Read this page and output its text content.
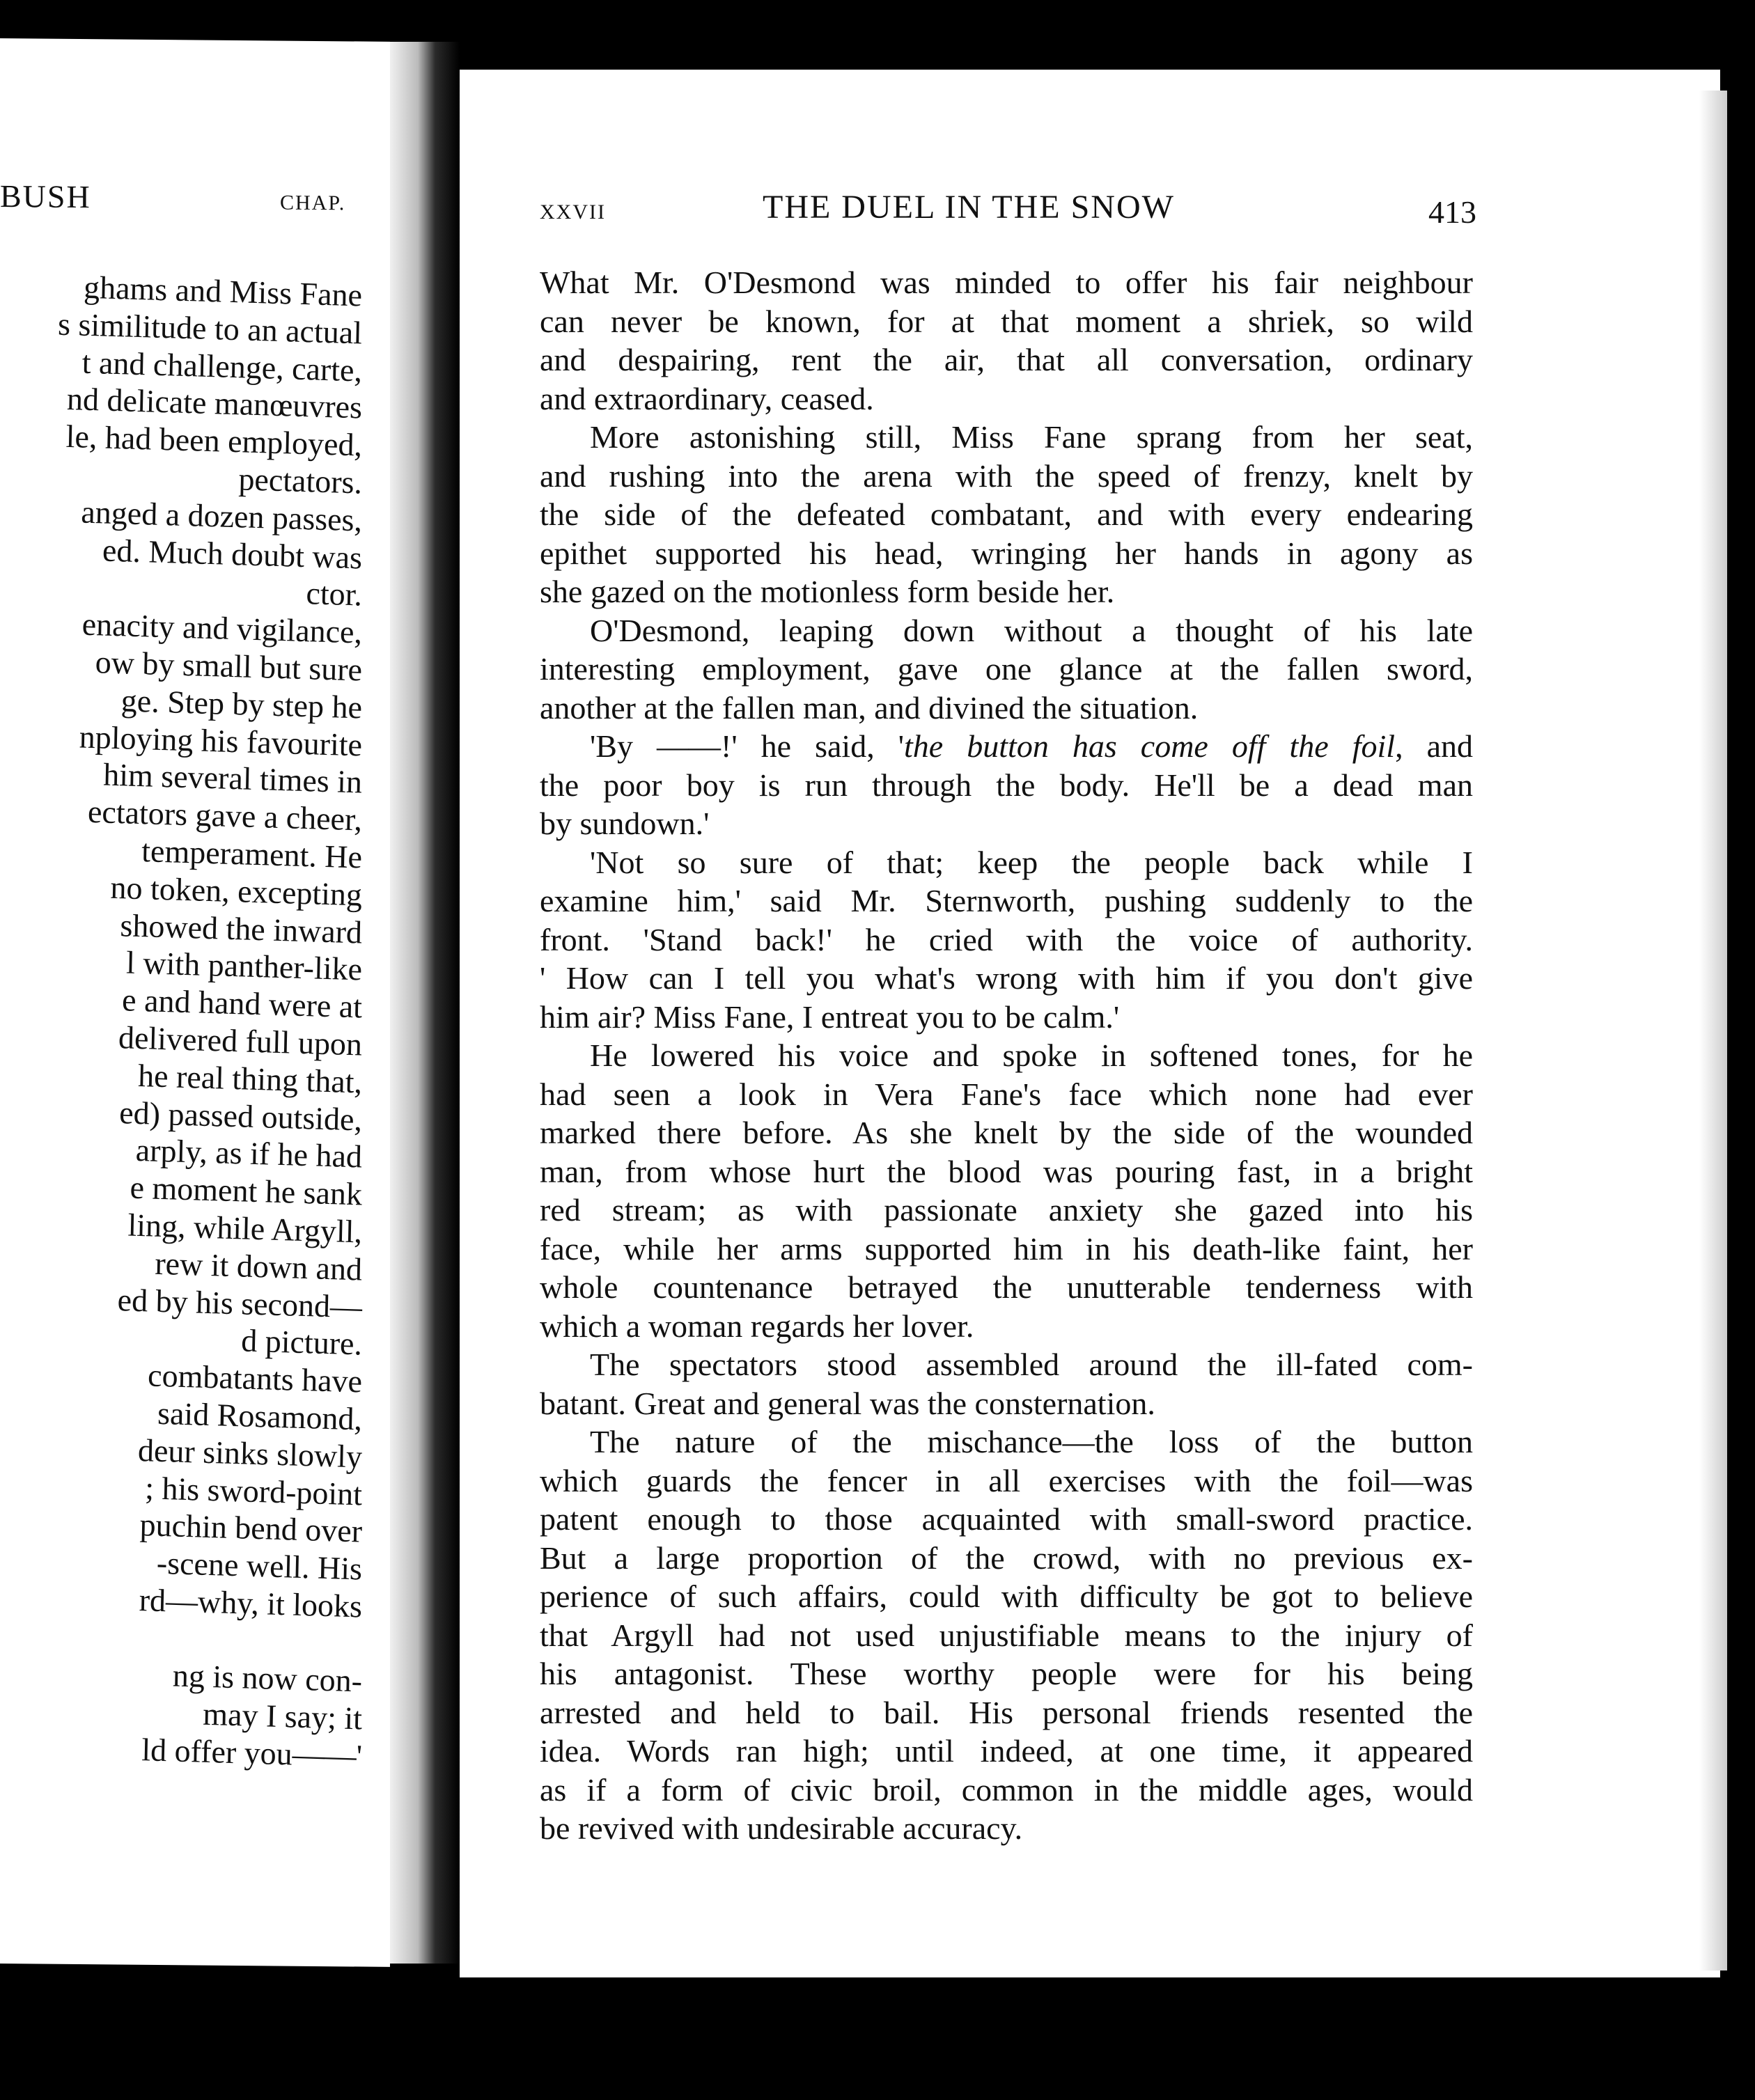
BUSH	CHAP.
ghams and Miss Fane
s similitude to an actual
t and challenge, carte,
nd delicate manœuvres
le, had been employed,
pectators.
anged a dozen passes,
ed. Much doubt was
ctor.
enacity and vigilance,
ow by small but sure
ge. Step by step he
nploying his favourite
him several times in
ectators gave a cheer,
temperament. He
no token, excepting
showed the inward
l with panther-like
e and hand were at
delivered full upon
he real thing that,
ed) passed outside,
arply, as if he had
e moment he sank
ling, while Argyll,
rew it down and
ed by his second—
d picture.
combatants have
said Rosamond,
deur sinks slowly
; his sword-point
puchin bend over
-scene well. His
rd—why, it looks

ng is now con-
may I say; it
ld offer you——'
XXVII	THE DUEL IN THE SNOW	413
What Mr. O'Desmond was minded to offer his fair neighbour
can never be known, for at that moment a shriek, so wild
and despairing, rent the air, that all conversation, ordinary
and extraordinary, ceased.
More astonishing still, Miss Fane sprang from her seat,
and rushing into the arena with the speed of frenzy, knelt by
the side of the defeated combatant, and with every endearing
epithet supported his head, wringing her hands in agony as
she gazed on the motionless form beside her.
O'Desmond, leaping down without a thought of his late
interesting employment, gave one glance at the fallen sword,
another at the fallen man, and divined the situation.
'By ——!' he said, 'the button has come off the foil, and
the poor boy is run through the body. He'll be a dead man
by sundown.'
'Not so sure of that; keep the people back while I
examine him,' said Mr. Sternworth, pushing suddenly to the
front. 'Stand back!' he cried with the voice of authority.
' How can I tell you what's wrong with him if you don't give
him air? Miss Fane, I entreat you to be calm.'
He lowered his voice and spoke in softened tones, for he
had seen a look in Vera Fane's face which none had ever
marked there before. As she knelt by the side of the wounded
man, from whose hurt the blood was pouring fast, in a bright
red stream; as with passionate anxiety she gazed into his
face, while her arms supported him in his death-like faint, her
whole countenance betrayed the unutterable tenderness with
which a woman regards her lover.
The spectators stood assembled around the ill-fated com-
batant. Great and general was the consternation.
The nature of the mischance—the loss of the button
which guards the fencer in all exercises with the foil—was
patent enough to those acquainted with small-sword practice.
But a large proportion of the crowd, with no previous ex-
perience of such affairs, could with difficulty be got to believe
that Argyll had not used unjustifiable means to the injury of
his antagonist. These worthy people were for his being
arrested and held to bail. His personal friends resented the
idea. Words ran high; until indeed, at one time, it appeared
as if a form of civic broil, common in the middle ages, would
be revived with undesirable accuracy.
